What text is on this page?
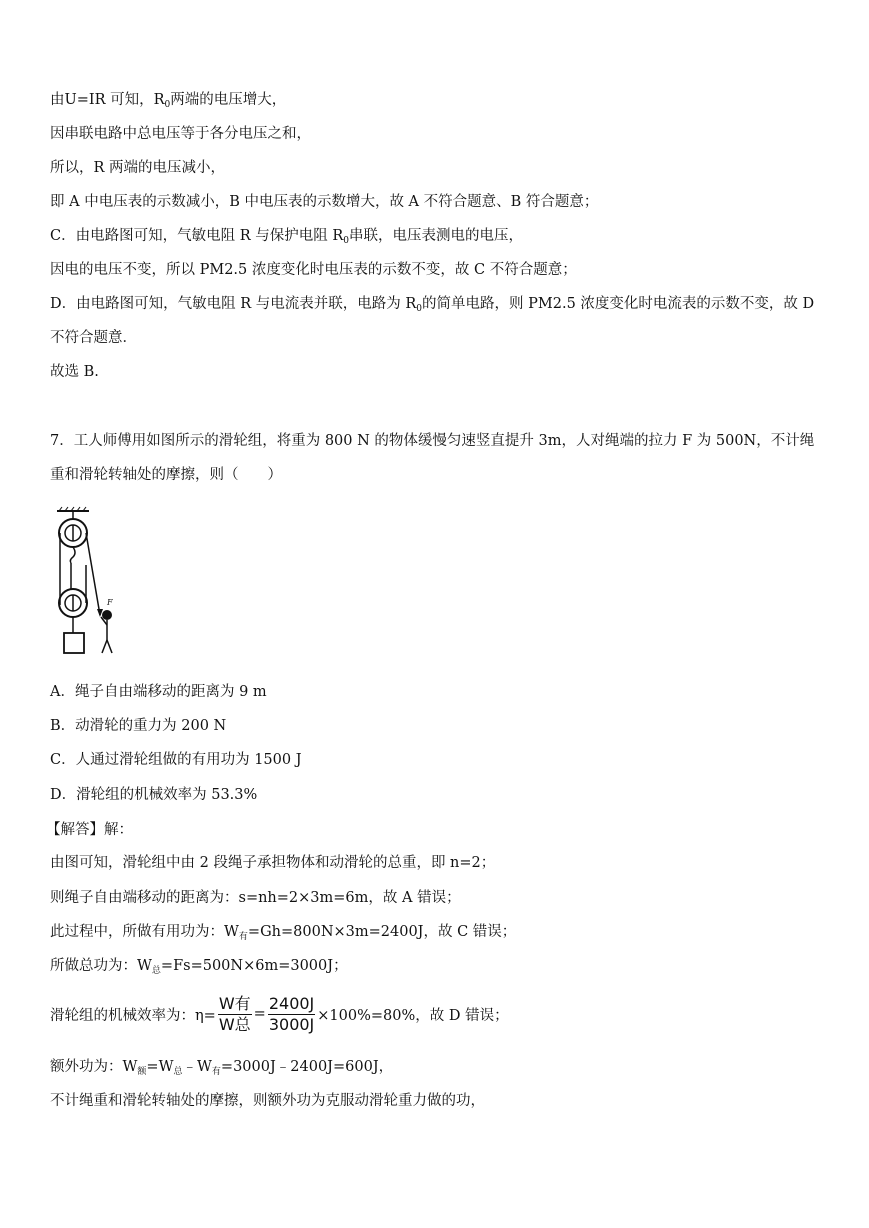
由U=IR 可知，$R_0$两端的电压增大，
因串联电路中总电压等于各分电压之和，
所以，R 两端的电压减小，
即 A 中电压表的示数减小，B 中电压表的示数增大，故 A 不符合题意、B 符合题意；
C．由电路图可知，气敏电阻 R 与保护电阻 $R_0$串联，电压表测电的电压，
因电的电压不变，所以 PM2.5 浓度变化时电压表的示数不变，故 C 不符合题意；
D．由电路图可知，气敏电阻 R 与电流表并联，电路为 $R_0$的简单电路，则 PM2.5 浓度变化时电流表的示数不变，故 D
不符合题意．
故选 B.
7．工人师傅用如图所示的滑轮组，将重为 800 N 的物体缓慢匀速竖直提升 3m，人对绳端的拉力 F 为 500N，不计绳
重和滑轮转轴处的摩擦，则（　　）
F
A．绳子自由端移动的距离为 9 m
B．动滑轮的重力为 200 N
C．人通过滑轮组做的有用功为 1500 J
D．滑轮组的机械效率为 53.3%
【解答】解：
由图可知，滑轮组中由 2 段绳子承担物体和动滑轮的总重，即 n=2；
则绳子自由端移动的距离为：s=nh=2×3m=6m，故 A 错误；
此过程中，所做有用功为：$W_有=Gh=800N\times 3m=2400J$，故 C 错误；
所做总功为：$W_总=Fs=500N\times 6m=3000J$；
滑轮组的机械效率为：$\eta= \frac{\text{W有}}{\text{W总}} = \frac{2400J}{3000J} \times 100\%=80\%$，故 D 错误；
额外功为：$W_额=W_总﹣W_有=3000J﹣2400J=600J$，
不计绳重和滑轮转轴处的摩擦，则额外功为克服动滑轮重力做的功，
